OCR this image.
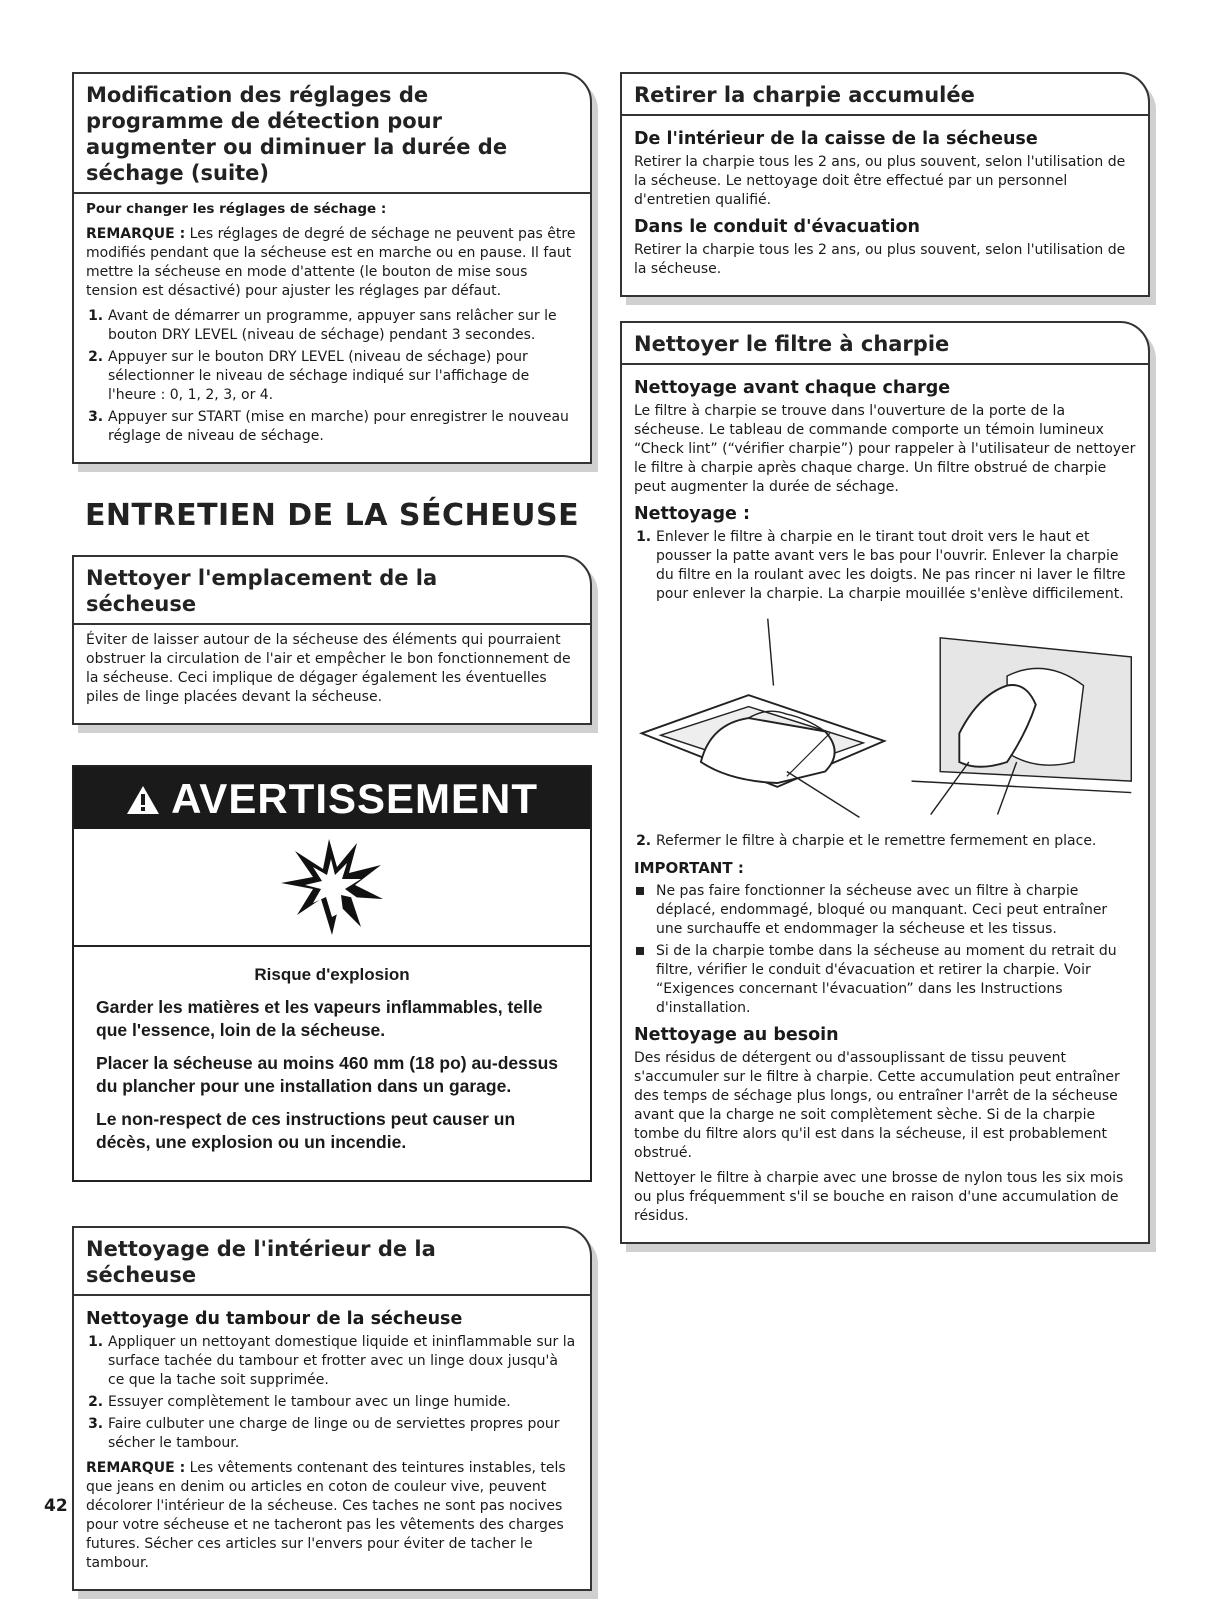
Modification des réglages de programme de détection pour augmenter ou diminuer la durée de séchage (suite)

Pour changer les réglages de séchage :

REMARQUE : Les réglages de degré de séchage ne peuvent pas être modifiés pendant que la sécheuse est en marche ou en pause. Il faut mettre la sécheuse en mode d'attente (le bouton de mise sous tension est désactivé) pour ajuster les réglages par défaut.

1. Avant de démarrer un programme, appuyer sans relâcher sur le bouton DRY LEVEL (niveau de séchage) pendant 3 secondes.
2. Appuyer sur le bouton DRY LEVEL (niveau de séchage) pour sélectionner le niveau de séchage indiqué sur l'affichage de l'heure : 0, 1, 2, 3, or 4.
3. Appuyer sur START (mise en marche) pour enregistrer le nouveau réglage de niveau de séchage.
ENTRETIEN DE LA SÉCHEUSE
Nettoyer l'emplacement de la sécheuse

Éviter de laisser autour de la sécheuse des éléments qui pourraient obstruer la circulation de l'air et empêcher le bon fonctionnement de la sécheuse. Ceci implique de dégager également les éventuelles piles de linge placées devant la sécheuse.

AVERTISSEMENT
Risque d'explosion

Garder les matières et les vapeurs inflammables, telle que l'essence, loin de la sécheuse.

Placer la sécheuse au moins 460 mm (18 po) au-dessus du plancher pour une installation dans un garage.

Le non-respect de ces instructions peut causer un décès, une explosion ou un incendie.

Nettoyage de l'intérieur de la sécheuse
Nettoyage du tambour de la sécheuse
1. Appliquer un nettoyant domestique liquide et ininflammable sur la surface tachée du tambour et frotter avec un linge doux jusqu'à ce que la tache soit supprimée.
2. Essuyer complètement le tambour avec un linge humide.
3. Faire culbuter une charge de linge ou de serviettes propres pour sécher le tambour.

REMARQUE : Les vêtements contenant des teintures instables, tels que jeans en denim ou articles en coton de couleur vive, peuvent décolorer l'intérieur de la sécheuse. Ces taches ne sont pas nocives pour votre sécheuse et ne tacheront pas les vêtements des charges futures. Sécher ces articles sur l'envers pour éviter de tacher le tambour.

Retirer la charpie accumulée
De l'intérieur de la caisse de la sécheuse

Retirer la charpie tous les 2 ans, ou plus souvent, selon l'utilisation de la sécheuse. Le nettoyage doit être effectué par un personnel d'entretien qualifié.

Dans le conduit d'évacuation

Retirer la charpie tous les 2 ans, ou plus souvent, selon l'utilisation de la sécheuse.

Nettoyer le filtre à charpie
Nettoyage avant chaque charge

Le filtre à charpie se trouve dans l'ouverture de la porte de la sécheuse. Le tableau de commande comporte un témoin lumineux “Check lint” (“vérifier charpie”) pour rappeler à l'utilisateur de nettoyer le filtre à charpie après chaque charge. Un filtre obstrué de charpie peut augmenter la durée de séchage.

Nettoyage :
1. Enlever le filtre à charpie en le tirant tout droit vers le haut et pousser la patte avant vers le bas pour l'ouvrir. Enlever la charpie du filtre en la roulant avec les doigts. Ne pas rincer ni laver le filtre pour enlever la charpie. La charpie mouillée s'enlève difficilement.
2. Refermer le filtre à charpie et le remettre fermement en place.
IMPORTANT :
Ne pas faire fonctionner la sécheuse avec un filtre à charpie déplacé, endommagé, bloqué ou manquant. Ceci peut entraîner une surchauffe et endommager la sécheuse et les tissus.
Si de la charpie tombe dans la sécheuse au moment du retrait du filtre, vérifier le conduit d'évacuation et retirer la charpie. Voir “Exigences concernant l'évacuation” dans les Instructions d'installation.
Nettoyage au besoin

Des résidus de détergent ou d'assouplissant de tissu peuvent s'accumuler sur le filtre à charpie. Cette accumulation peut entraîner des temps de séchage plus longs, ou entraîner l'arrêt de la sécheuse avant que la charge ne soit complètement sèche. Si de la charpie tombe du filtre alors qu'il est dans la sécheuse, il est probablement obstrué.

Nettoyer le filtre à charpie avec une brosse de nylon tous les six mois ou plus fréquemment s'il se bouche en raison d'une accumulation de résidus.

42
